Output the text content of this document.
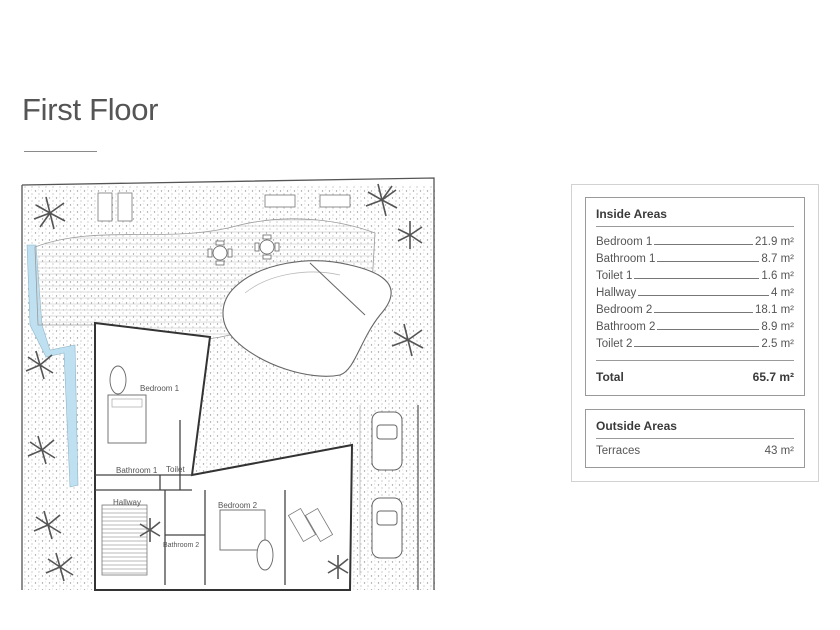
First Floor
Bedroom 1
Bathroom 1 Toilet
Hallway	Bedroom 2
Bathroom 2
Inside Areas
Bedroom 1	21.9 m²
Bathroom 1	8.7 m²
Toilet 1	1.6 m²
Hallway	4 m²
Bedroom 2	18.1 m²
Bathroom 2	8.9 m²
Toilet 2	2.5 m²
Total	65.7 m²
Outside Areas
Terraces	43 m²
